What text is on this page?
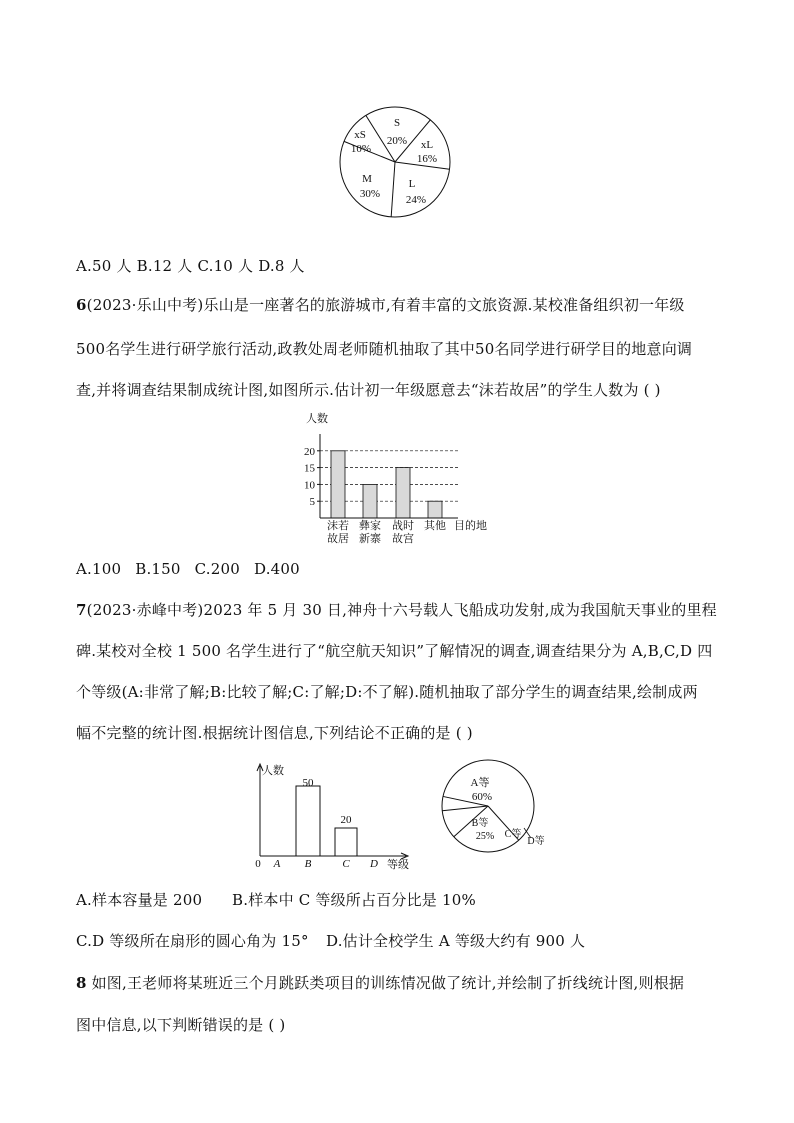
S
20% xL
16%
L
24%
M
30%
xS
10%
A.50 人 B.12 人 C.10 人 D.8 人
6(2023·乐山中考)乐山是一座著名的旅游城市,有着丰富的文旅资源.某校准备组织初一年级
500名学生进行研学旅行活动,政教处周老师随机抽取了其中50名同学进行研学目的地意向调
查,并将调查结果制成统计图,如图所示.估计初一年级愿意去“沫若故居”的学生人数为 ( )
人数
5
10
15
20
沫若
故居
彝家
新寨
战时
故宫
其他 目的地
A.100 B.150 C.200 D.400
7(2023·赤峰中考)2023 年 5 月 30 日,神舟十六号载人飞船成功发射,成为我国航天事业的里程
碑.某校对全校 1 500 名学生进行了“航空航天知识”了解情况的调查,调查结果分为 A,B,C,D 四
个等级(A:非常了解;B:比较了解;C:了解;D:不了解).随机抽取了部分学生的调查结果,绘制成两
幅不完整的统计图.根据统计图信息,下列结论不正确的是 ( )
人数
50
20
0 A B	C D 等级
A等
60%
B等
25% C等
D等
A.样本容量是 200 B.样本中 C 等级所占百分比是 10%
C.D 等级所在扇形的圆心角为 15° D.估计全校学生 A 等级大约有 900 人
8 如图,王老师将某班近三个月跳跃类项目的训练情况做了统计,并绘制了折线统计图,则根据
图中信息,以下判断错误的是 ( )
